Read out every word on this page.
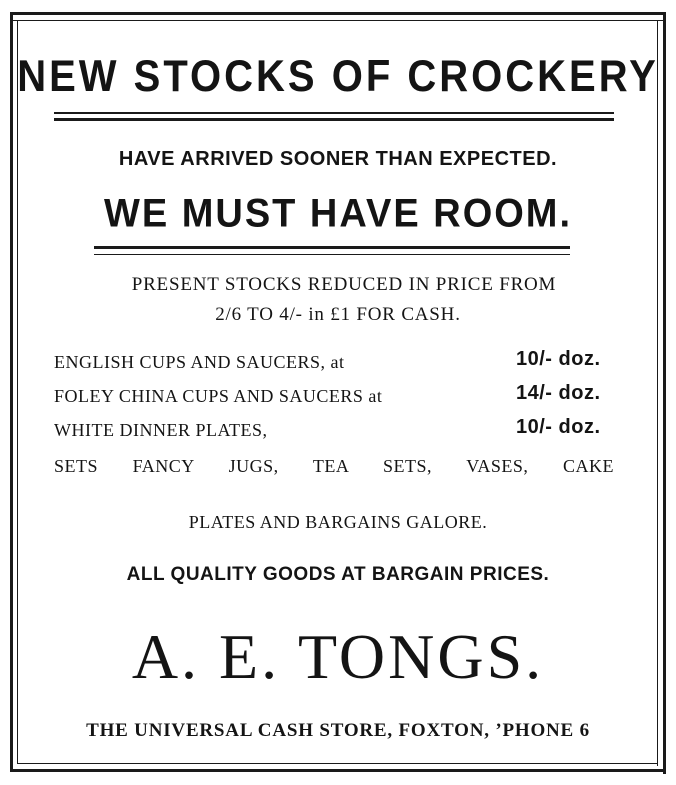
NEW STOCKS OF CROCKERY
HAVE ARRIVED SOONER THAN EXPECTED.
WE MUST HAVE ROOM.
PRESENT STOCKS REDUCED IN PRICE FROM
2/6 TO 4/- in £1 FOR CASH.
ENGLISH CUPS AND SAUCERS, at	10/- doz.
FOLEY CHINA CUPS AND SAUCERS at	14/- doz.
WHITE DINNER PLATES,	10/- doz.
SETS FANCY JUGS, TEA SETS, VASES, CAKE
PLATES AND BARGAINS GALORE.
ALL QUALITY GOODS AT BARGAIN PRICES.
A. E. TONGS.
THE UNIVERSAL CASH STORE, FOXTON, ’PHONE 6
